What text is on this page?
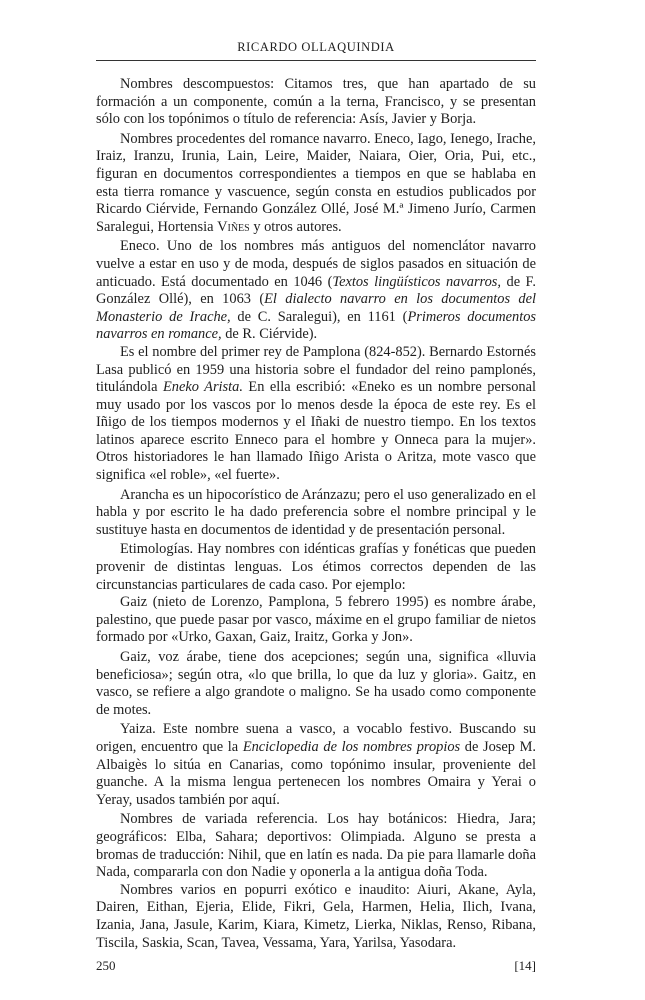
RICARDO OLLAQUINDIA

Nombres descompuestos: Citamos tres, que han apartado de su formación a un componente, común a la terna, Francisco, y se presentan sólo con los topónimos o título de referencia: Asís, Javier y Borja.

Nombres procedentes del romance navarro. Eneco, Iago, Ienego, Irache, Iraiz, Iranzu, Irunia, Lain, Leire, Maider, Naiara, Oier, Oria, Pui, etc., figuran en documentos correspondientes a tiempos en que se hablaba en esta tierra romance y vascuence, según consta en estudios publicados por Ricardo Ciérvide, Fernando González Ollé, José M.ª Jimeno Jurío, Carmen Saralegui, Hortensia Viñes y otros autores.

Eneco. Uno de los nombres más antiguos del nomenclátor navarro vuelve a estar en uso y de moda, después de siglos pasados en situación de anticuado. Está documentado en 1046 (Textos lingüísticos navarros, de F. González Ollé), en 1063 (El dialecto navarro en los documentos del Monasterio de Irache, de C. Saralegui), en 1161 (Primeros documentos navarros en romance, de R. Ciérvide).

Es el nombre del primer rey de Pamplona (824-852). Bernardo Estornés Lasa publicó en 1959 una historia sobre el fundador del reino pamplonés, titulándola Eneko Arista. En ella escribió: «Eneko es un nombre personal muy usado por los vascos por lo menos desde la época de este rey. Es el Iñigo de los tiempos modernos y el Iñaki de nuestro tiempo. En los textos latinos aparece escrito Enneco para el hombre y Onneca para la mujer». Otros historiadores le han llamado Iñigo Arista o Aritza, mote vasco que significa «el roble», «el fuerte».

Arancha es un hipocorístico de Aránzazu; pero el uso generalizado en el habla y por escrito le ha dado preferencia sobre el nombre principal y le sustituye hasta en documentos de identidad y de presentación personal.

Etimologías. Hay nombres con idénticas grafías y fonéticas que pueden provenir de distintas lenguas. Los étimos correctos dependen de las circunstancias particulares de cada caso. Por ejemplo:

Gaiz (nieto de Lorenzo, Pamplona, 5 febrero 1995) es nombre árabe, palestino, que puede pasar por vasco, máxime en el grupo familiar de nietos formado por «Urko, Gaxan, Gaiz, Iraitz, Gorka y Jon».

Gaiz, voz árabe, tiene dos acepciones; según una, significa «lluvia beneficiosa»; según otra, «lo que brilla, lo que da luz y gloria». Gaitz, en vasco, se refiere a algo grandote o maligno. Se ha usado como componente de motes.

Yaiza. Este nombre suena a vasco, a vocablo festivo. Buscando su origen, encuentro que la Enciclopedia de los nombres propios de Josep M. Albaigès lo sitúa en Canarias, como topónimo insular, proveniente del guanche. A la misma lengua pertenecen los nombres Omaira y Yerai o Yeray, usados también por aquí.

Nombres de variada referencia. Los hay botánicos: Hiedra, Jara; geográficos: Elba, Sahara; deportivos: Olimpiada. Alguno se presta a bromas de traducción: Nihil, que en latín es nada. Da pie para llamarle doña Nada, compararla con don Nadie y oponerla a la antigua doña Toda.

Nombres varios en popurri exótico e inaudito: Aiuri, Akane, Ayla, Dairen, Eithan, Ejeria, Elide, Fikri, Gela, Harmen, Helia, Ilich, Ivana, Izania, Jana, Jasule, Karim, Kiara, Kimetz, Lierka, Niklas, Renso, Ribana, Tiscila, Saskia, Scan, Tavea, Vessama, Yara, Yarilsa, Yasodara.

250	[14]
